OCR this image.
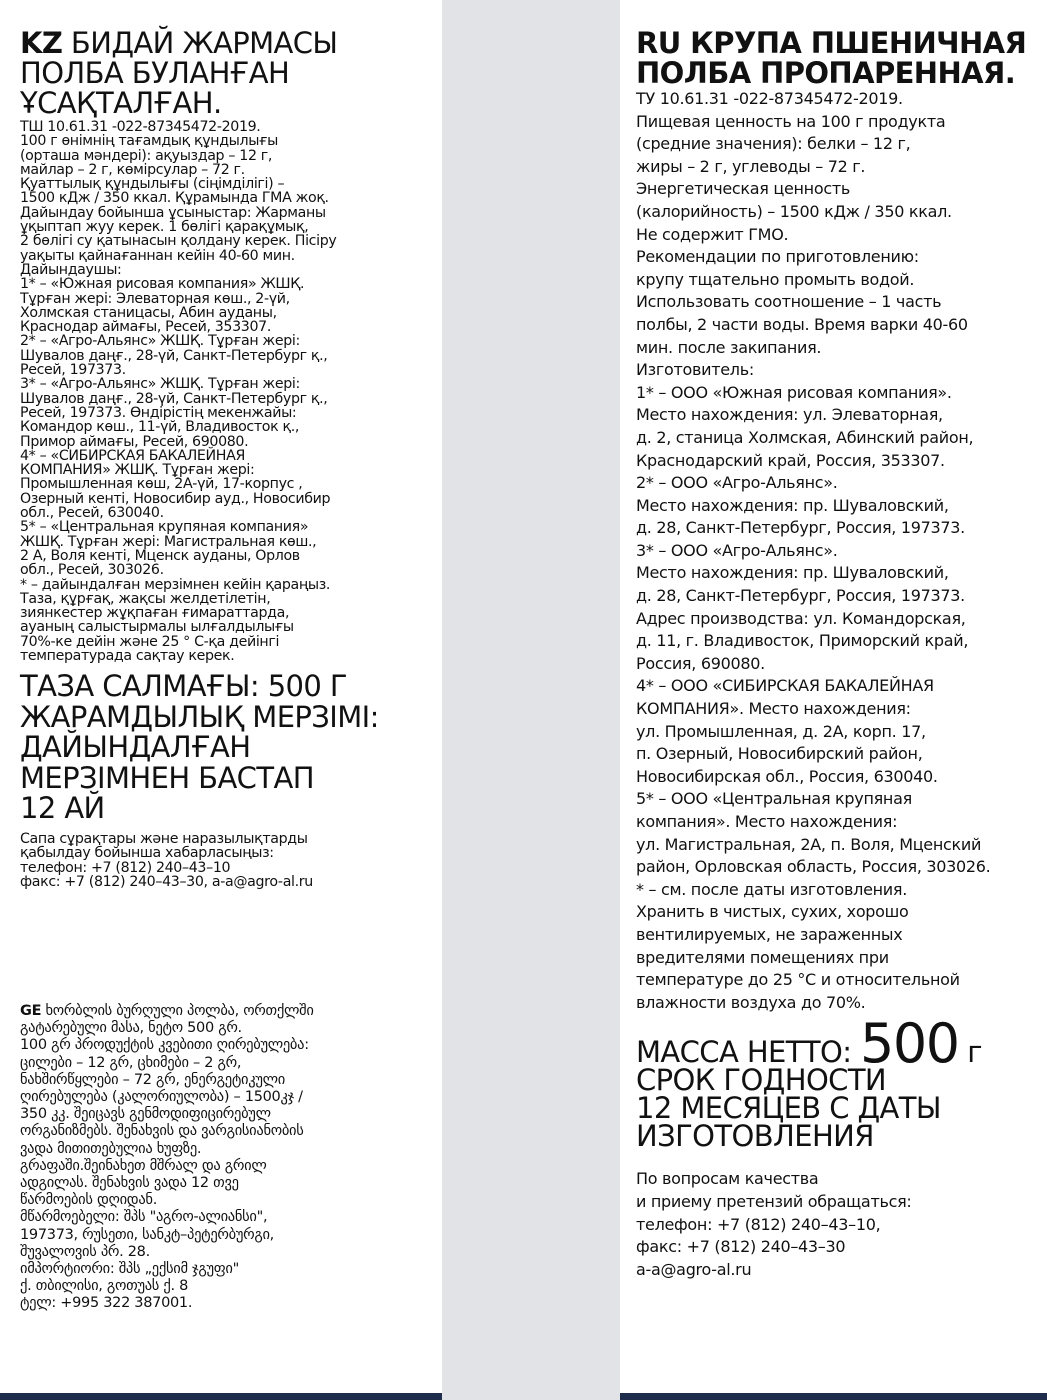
KZ БИДАЙ ЖАРМАСЫ ПОЛБА БУЛАНҒАН ҰСАҚТАЛҒАН.

ТШ 10.61.31 -022-87345472-2019.

100 г өнімнің тағамдық құндылығы

(орташа мәндері): ақуыздар – 12 г,

майлар – 2 г, көмірсулар – 72 г.

Қуаттылық құндылығы (сіңімділігі) –

1500 кДж / 350 ккал. Құрамында ГМА жоқ.

Дайындау бойынша ұсыныстар: Жарманы

ұқыптап жуу керек. 1 бөлігі қарақұмық,

2 бөлігі су қатынасын қолдану керек. Пісіру

уақыты қайнағаннан кейін 40-60 мин.

Дайындаушы:

1* – «Южная рисовая компания» ЖШҚ.

Тұрған жері: Элеваторная көш., 2-үй,

Холмская станицасы, Абин ауданы,

Краснодар аймағы, Ресей, 353307.

2* – «Агро-Альянс» ЖШҚ. Тұрған жері:

Шувалов даңғ., 28-үй, Санкт-Петербург қ.,

Ресей, 197373.

3* – «Агро-Альянс» ЖШҚ. Тұрған жері:

Шувалов даңғ., 28-үй, Санкт-Петербург қ.,

Ресей, 197373. Өндірістің мекенжайы:

Командор көш., 11-үй, Владивосток қ.,

Примор аймағы, Ресей, 690080.

4* – «СИБИРСКАЯ БАКАЛЕЙНАЯ

КОМПАНИЯ» ЖШҚ. Тұрған жері:

Промышленная көш, 2А-үй, 17-корпус ,

Озерный кенті, Новосибир ауд., Новосибир

обл., Ресей, 630040.

5* – «Центральная крупяная компания»

ЖШҚ. Тұрған жері: Магистральная көш.,

2 А, Воля кенті, Мценск ауданы, Орлов

обл., Ресей, 303026.

* – дайындалған мерзімнен кейін қараңыз.

Таза, құрғақ, жақсы желдетілетін,

зиянкестер жұқпаған ғимараттарда,

ауаның салыстырмалы ылғалдылығы

70%-ке дейін және 25 ° С-қа дейінгі

температурада сақтау керек.

ТАЗА САЛМАҒЫ: 500 Г
ЖАРАМДЫЛЫҚ МЕРЗІМІ:
ДАЙЫНДАЛҒАН
МЕРЗІМНЕН БАСТАП
12 АЙ
Сапа сұрақтары және наразылықтарды
қабылдау бойынша хабарласыңыз:
телефон: +7 (812) 240–43–10
факс: +7 (812) 240–43–30, a-a@agro-al.ru
GE ხორბლის ბურღული პოლბა, ორთქლში
გატარებული მასა, ნეტო 500 გრ.
100 გრ პროდუქტის კვებითი ღირებულება:
ცილები – 12 გრ, ცხიმები – 2 გრ,
ნახშირწყლები – 72 გრ, ენერგეტიკული
ღირებულება (კალორიულობა) – 1500კჯ /
350 კკ. შეიცავს გენმოდიფიცირებულ
ორგანიზმებს. შენახვის და ვარგისიანობის
ვადა მითითებულია ხუფზე.
გრაფაში.შეინახეთ მშრალ და გრილ
ადგილას. შენახვის ვადა 12 თვე
წარმოების დღიდან.
მწარმოებელი: შპს "აგრო-ალიანსი",
197373, რუსეთი, სანკტ–პეტერბურგი,
შუვალოვის პრ. 28.
იმპორტიორი: შპს „ექსიმ ჯგუფი"
ქ. თბილისი, გოთუას ქ. 8
ტელ: +995 322 387001.
RU КРУПА ПШЕНИЧНАЯ ПОЛБА ПРОПАРЕННАЯ.

ТУ 10.61.31 -022-87345472-2019.

Пищевая ценность на 100 г продукта

(средние значения): белки – 12 г,

жиры – 2 г, углеводы – 72 г.

Энергетическая ценность

(калорийность) – 1500 кДж / 350 ккал.

Не содержит ГМО.

Рекомендации по приготовлению:

крупу тщательно промыть водой.

Использовать соотношение – 1 часть

полбы, 2 части воды. Время варки 40-60

мин. после закипания.

Изготовитель:

1* – ООО «Южная рисовая компания».

Место нахождения: ул. Элеваторная,

д. 2, станица Холмская, Абинский район,

Краснодарский край, Россия, 353307.

2* – ООО «Агро-Альянс».

Место нахождения: пр. Шуваловский,

д. 28, Санкт-Петербург, Россия, 197373.

3* – ООО «Агро-Альянс».

Место нахождения: пр. Шуваловский,

д. 28, Санкт-Петербург, Россия, 197373.

Адрес производства: ул. Командорская,

д. 11, г. Владивосток, Приморский край,

Россия, 690080.

4* – ООО «СИБИРСКАЯ БАКАЛЕЙНАЯ

КОМПАНИЯ». Место нахождения:

ул. Промышленная, д. 2А, корп. 17,

п. Озерный, Новосибирский район,

Новосибирская обл., Россия, 630040.

5* – ООО «Центральная крупяная

компания». Место нахождения:

ул. Магистральная, 2А, п. Воля, Мценский

район, Орловская область, Россия, 303026.

* – см. после даты изготовления.

Хранить в чистых, сухих, хорошо

вентилируемых, не зараженных

вредителями помещениях при

температуре до 25 °С и относительной

влажности воздуха до 70%.

МАССА НЕТТО: 500 г
СРОК ГОДНОСТИ
12 МЕСЯЦЕВ С ДАТЫ
ИЗГОТОВЛЕНИЯ
По вопросам качества
и приему претензий обращаться:
телефон: +7 (812) 240–43–10,
факс: +7 (812) 240–43–30
a-a@agro-al.ru
